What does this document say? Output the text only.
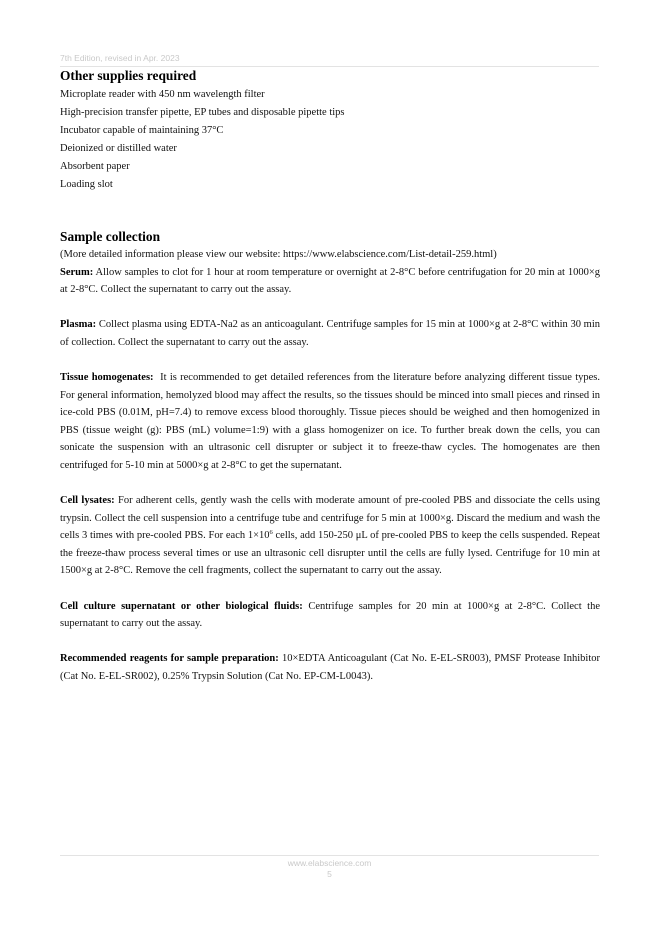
7th Edition, revised in Apr. 2023
Other supplies required
Microplate reader with 450 nm wavelength filter
High-precision transfer pipette, EP tubes and disposable pipette tips
Incubator capable of maintaining 37°C
Deionized or distilled water
Absorbent paper
Loading slot
Sample collection

(More detailed information please view our website: https://www.elabscience.com/List-detail-259.html)

Serum: Allow samples to clot for 1 hour at room temperature or overnight at 2-8°C before centrifugation for 20 min at 1000×g at 2-8°C. Collect the supernatant to carry out the assay.

Plasma: Collect plasma using EDTA-Na2 as an anticoagulant. Centrifuge samples for 15 min at 1000×g at 2-8°C within 30 min of collection. Collect the supernatant to carry out the assay.

Tissue homogenates:  It is recommended to get detailed references from the literature before analyzing different tissue types. For general information, hemolyzed blood may affect the results, so the tissues should be minced into small pieces and rinsed in ice-cold PBS (0.01M, pH=7.4) to remove excess blood thoroughly. Tissue pieces should be weighed and then homogenized in PBS (tissue weight (g): PBS (mL) volume=1:9) with a glass homogenizer on ice. To further break down the cells, you can sonicate the suspension with an ultrasonic cell disrupter or subject it to freeze-thaw cycles. The homogenates are then centrifuged for 5-10 min at 5000×g at 2-8°C to get the supernatant.

Cell lysates: For adherent cells, gently wash the cells with moderate amount of pre-cooled PBS and dissociate the cells using trypsin. Collect the cell suspension into a centrifuge tube and centrifuge for 5 min at 1000×g. Discard the medium and wash the cells 3 times with pre-cooled PBS. For each $1\times 10^6$ cells, add 150-250 μL of pre-cooled PBS to keep the cells suspended. Repeat the freeze-thaw process several times or use an ultrasonic cell disrupter until the cells are fully lysed. Centrifuge for 10 min at 1500×g at 2-8°C. Remove the cell fragments, collect the supernatant to carry out the assay.

Cell culture supernatant or other biological fluids: Centrifuge samples for 20 min at 1000×g at 2-8°C. Collect the supernatant to carry out the assay.

Recommended reagents for sample preparation: 10×EDTA Anticoagulant (Cat No. E-EL-SR003), PMSF Protease Inhibitor (Cat No. E-EL-SR002), 0.25% Trypsin Solution (Cat No. EP-CM-L0043).

www.elabscience.com
5
